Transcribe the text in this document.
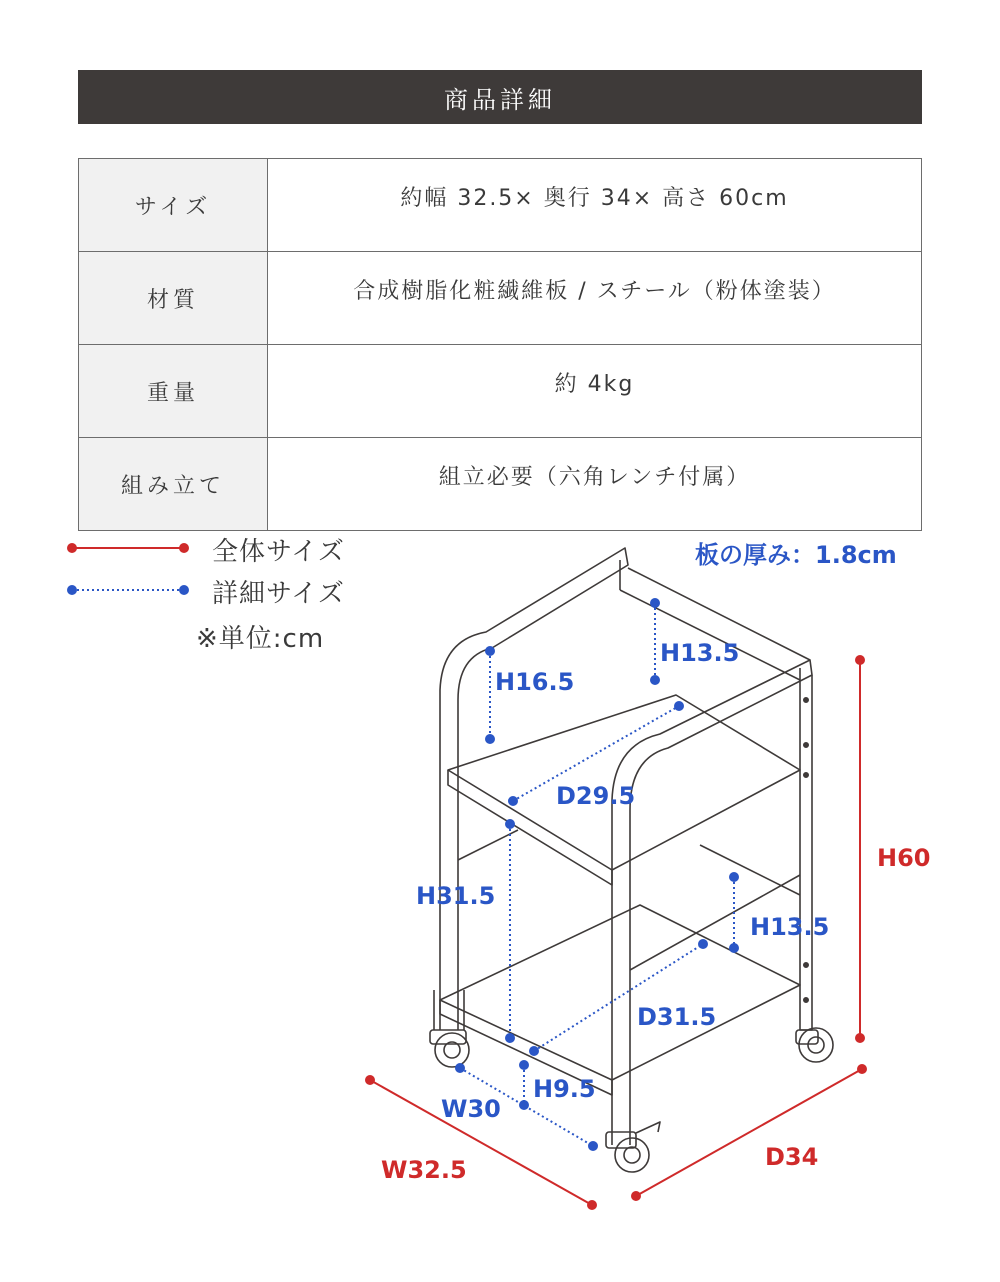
商品詳細
サイズ	約幅 32.5× 奥行 34× 高さ 60cm
材質	合成樹脂化粧繊維板 / スチール（粉体塗装）
重量	約 4kg
組み立て	組立必要（六角レンチ付属）
板の厚み：1.8cm
H13.5
H16.5
D29.5
H31.5
H13.5
D31.5
H9.5
W30
H60
W32.5	D34
全体サイズ
詳細サイズ
※単位:cm
